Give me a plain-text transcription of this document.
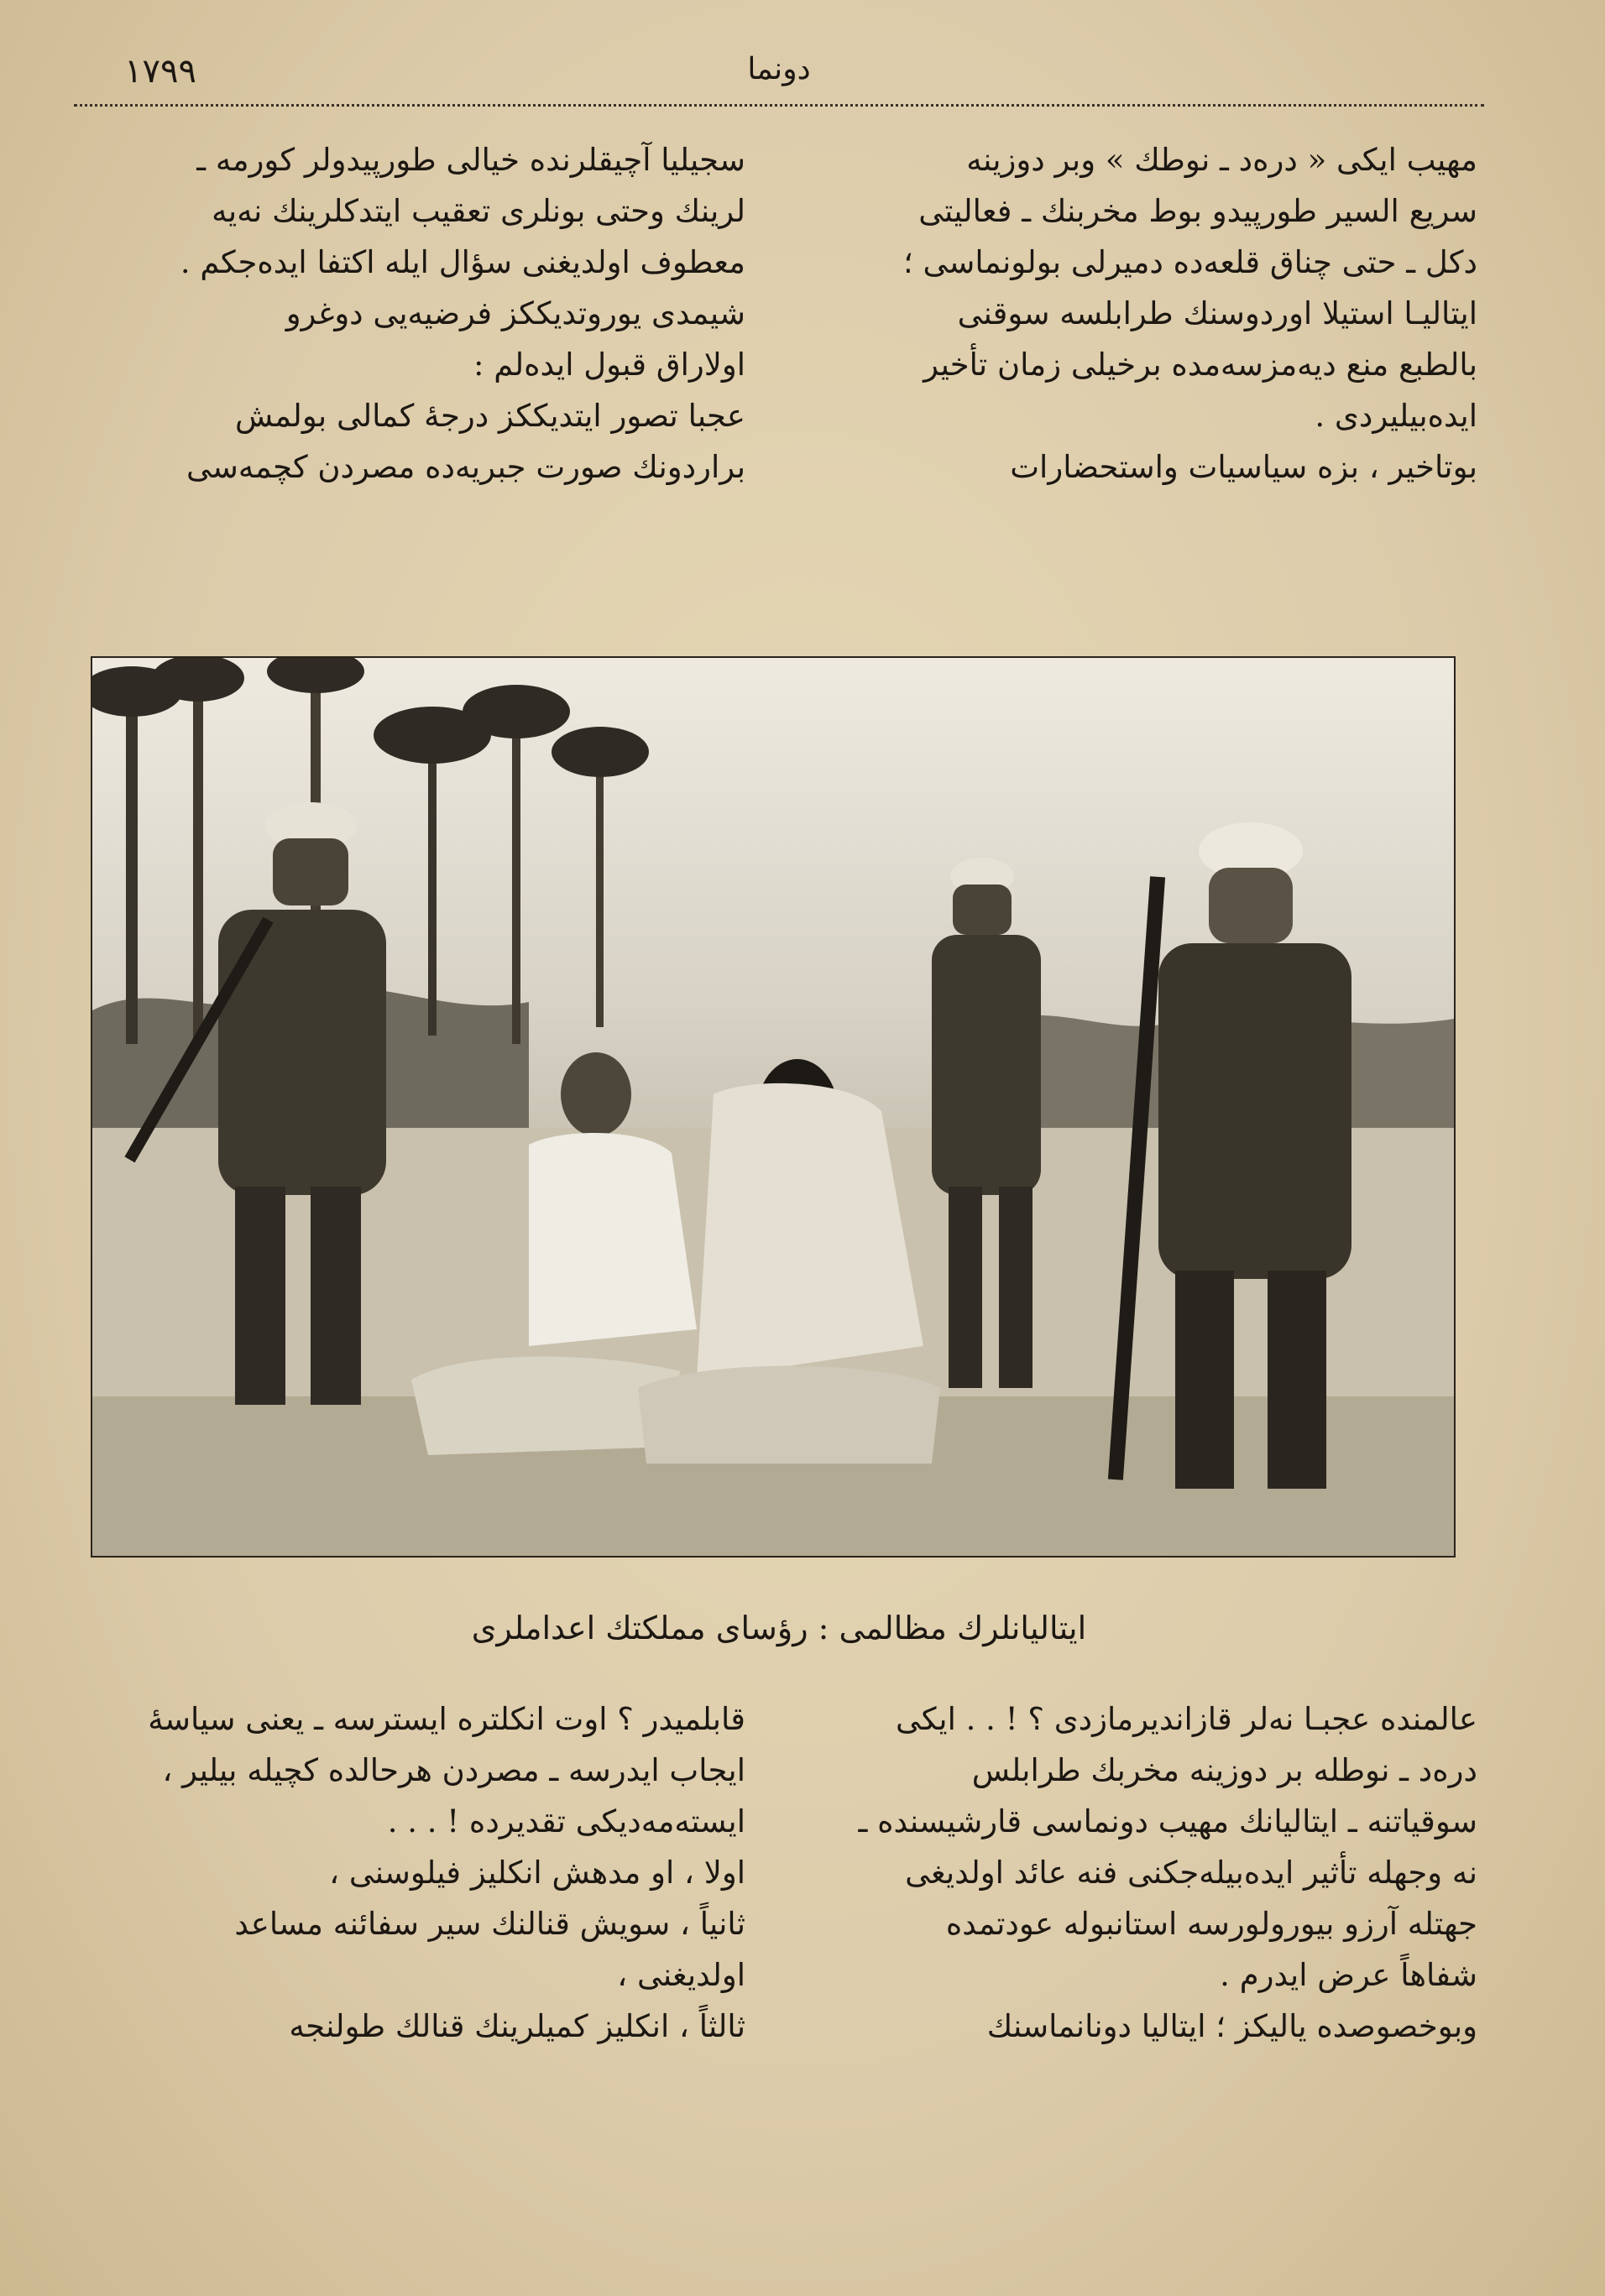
١٧٩٩	دونما

مهيب ايكى « دره‌د ـ نوطك » وبر دوزينه

سريع السير طورپيدو بوط مخربنك ـ فعاليتى

دكل ـ حتى چناق قلعه‌ده دميرلى بولونماسى ؛

ايتاليـا استيلا اوردوسنك طرابلسه سوقنى

بالطبع منع ديه‌مزسه‌مده برخيلى زمان تأخير

ايده‌بيليردى .

بوتاخير ، بزه سياسيات واستحضارات

سجيليا آچيقلرنده خيالى طورپيدولر كورمه ـ

لرينك وحتى بونلرى تعقيب ايتدكلرينك نه‌يه

معطوف اولديغنى سؤال ايله اكتفا ايده‌جكم .

شيمدى يوروتديككز فرضيه‌يى دوغرو

اولاراق قبول ايده‌لم :

عجبا تصور ايتديككز درجهٔ كمالى بولمش

براردونك صورت جبريه‌ده مصردن كچمه‌سى

ايتاليانلرك مظالمى : رؤساى مملكتك اعداملرى

عالمنده عجبـا نه‌لر قازانديرمازدى ؟ ! . . ايكى

دره‌د ـ نوطله بر دوزينه مخربك طرابلس

سوقياتنه ـ ايتاليانك مهيب دونماسى قارشيسنده ـ

نه وجهله تأثير ايده‌بيله‌جكنى فنه عائد اولديغى

جهتله آرزو بيورولورسه استانبوله عودتمده

شفاهاً عرض ايدرم .

وبوخصوصده ياليكز ؛ ايتاليا دونانماسنك

قابلميدر ؟ اوت انكلتره ايسترسه ـ يعنى سياسهٔ

ايجاب ايدرسه ـ مصردن هرحالده كچيله بيلير ،

ايسته‌مه‌ديكى تقديرده ! . . .

اولا ، او مدهش انكليز فيلوسنى ،

ثانياً ، سويش قنالنك سير سفائنه مساعد

اولديغنى ،

ثالثاً ، انكليز كميلرينك قنالك طولنجه
